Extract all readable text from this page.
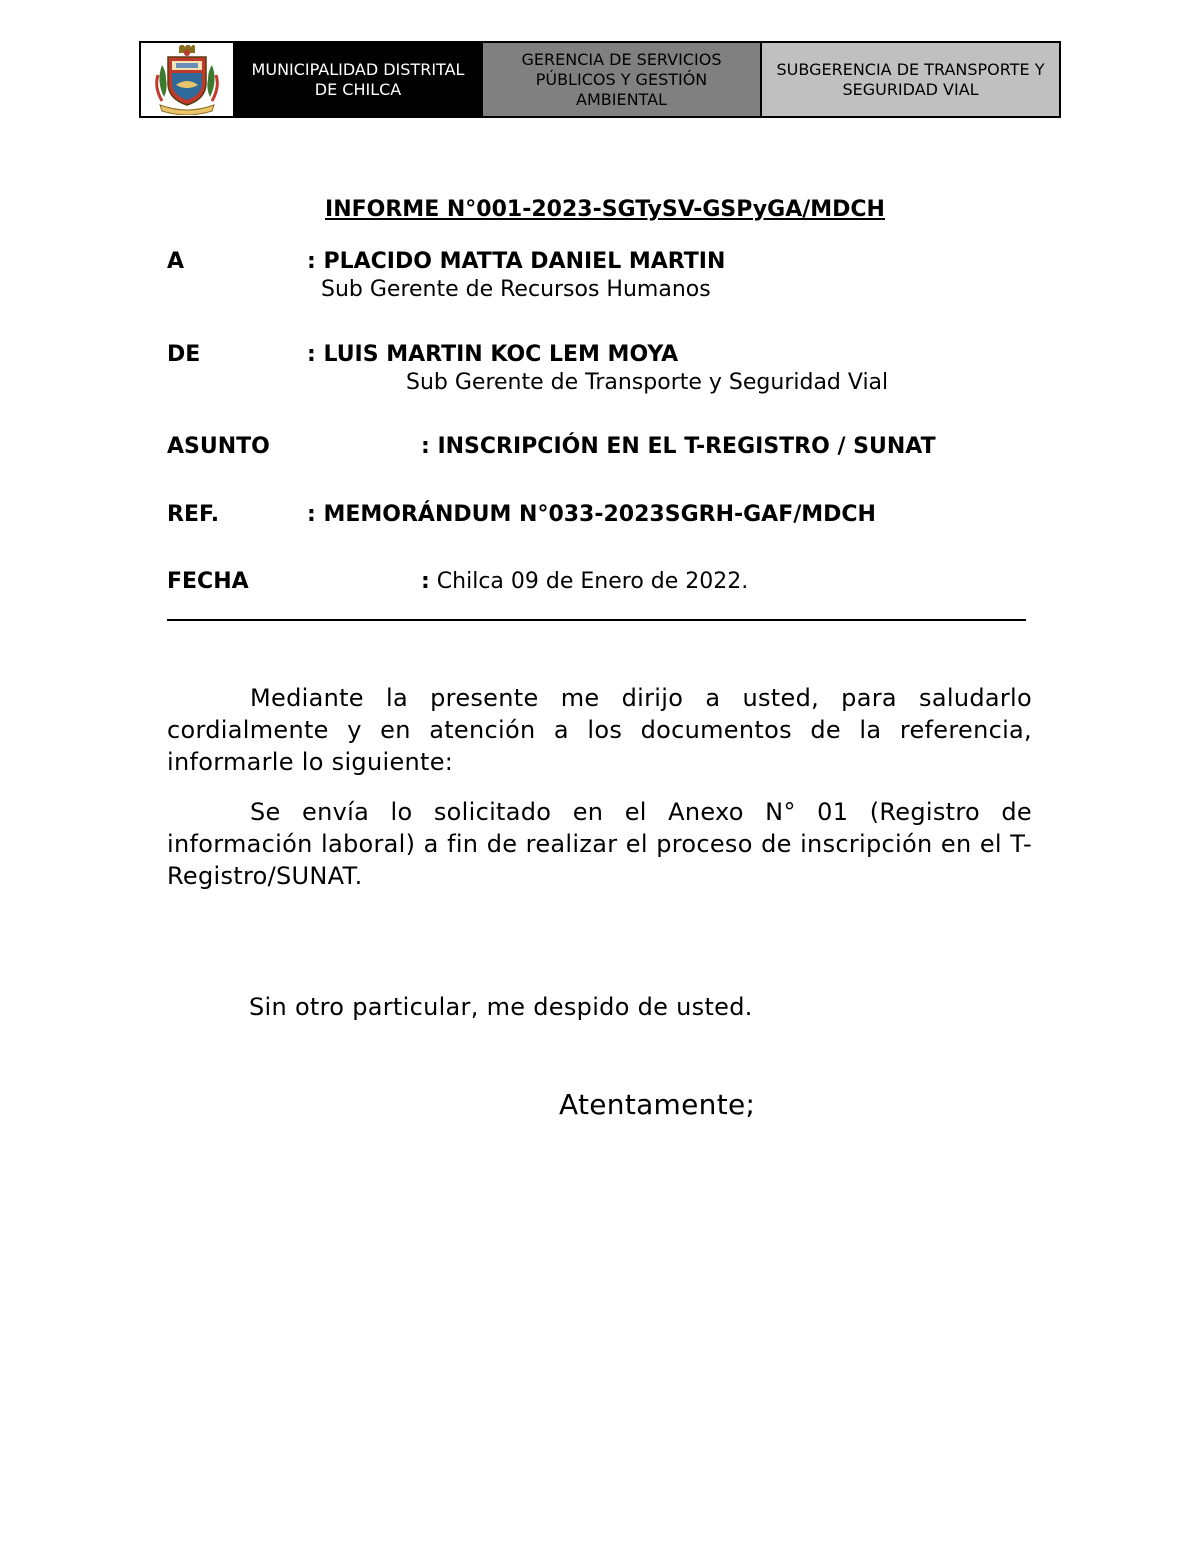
MUNICIPALIDAD DISTRITAL DE CHILCA
GERENCIA DE SERVICIOS PÚBLICOS Y GESTIÓN AMBIENTAL
SUBGERENCIA DE TRANSPORTE Y SEGURIDAD VIAL
INFORME N°001-2023-SGTySV-GSPyGA/MDCH
A	: PLACIDO MATTA DANIEL MARTIN
Sub Gerente de Recursos Humanos
DE	: LUIS MARTIN KOC LEM MOYA
Sub Gerente de Transporte y Seguridad Vial
ASUNTO	: INSCRIPCIÓN EN EL T-REGISTRO / SUNAT
REF.	: MEMORÁNDUM N°033-2023SGRH-GAF/MDCH
FECHA	: Chilca 09 de Enero de 2022.
Mediante la presente me dirijo a usted, para saludarlo cordialmente y en atención a los documentos de la referencia, informarle lo siguiente:
Se envía lo solicitado en el Anexo N° 01 (Registro de información laboral) a fin de realizar el proceso de inscripción en el T-Registro/SUNAT.
Sin otro particular, me despido de usted.
Atentamente;
